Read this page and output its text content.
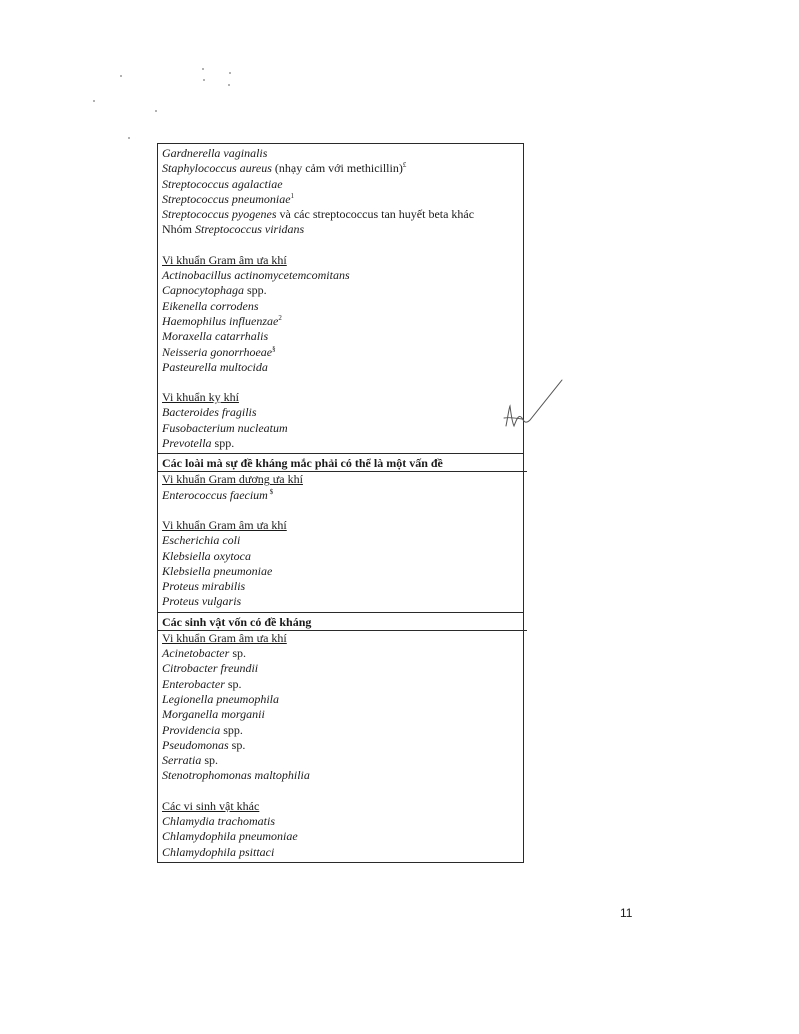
Gardnerella vaginalis
Staphylococcus aureus (nhạy cảm với methicillin)£
Streptococcus agalactiae
Streptococcus pneumoniae$^1$
Streptococcus pyogenes và các streptococcus tan huyết beta khác
Nhóm Streptococcus viridans
Vi khuẩn Gram âm ưa khí
Actinobacillus actinomycetemcomitans
Capnocytophaga spp.
Eikenella corrodens
Haemophilus influenzae$^2$
Moraxella catarrhalis
Neisseria gonorrhoeae§
Pasteurella multocida
Vi khuẩn kỵ khí
Bacteroides fragilis
Fusobacterium nucleatum
Prevotella spp.
Các loài mà sự đề kháng mắc phải có thể là một vấn đề
Vi khuẩn Gram dương ưa khí
Enterococcus faecium $
Vi khuẩn Gram âm ưa khí
Escherichia coli
Klebsiella oxytoca
Klebsiella pneumoniae
Proteus mirabilis
Proteus vulgaris
Các sinh vật vốn có đề kháng
Vi khuẩn Gram âm ưa khí
Acinetobacter sp.
Citrobacter freundii
Enterobacter sp.
Legionella pneumophila
Morganella morganii
Providencia spp.
Pseudomonas sp.
Serratia sp.
Stenotrophomonas maltophilia
Các vi sinh vật khác
Chlamydia trachomatis
Chlamydophila pneumoniae
Chlamydophila psittaci
11
